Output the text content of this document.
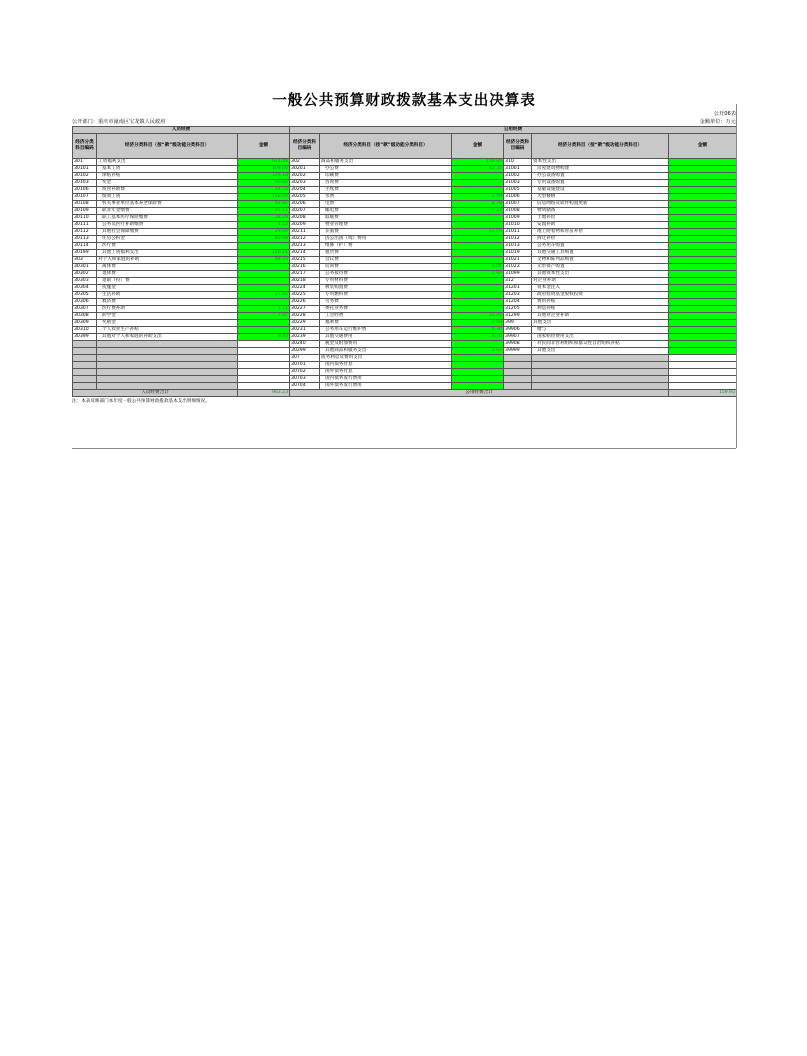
一般公共预算财政拨款基本支出决算表
公开06表
公开部门：重庆市潼南区宝龙镇人民政府	金额单位：万元
人员经费			公用经费					
经济分类科目编码	经济分类科目（按“款”级功能分类科目）	金额	经济分类科目编码	经济分类科目（按“款”级功能分类科目）	金额	经济分类科目编码	经济分类科目（按“款”级功能分类科目）	金额
301	工资福利支出	914.48	302	商品和服务支出	159.95	310	资本性支出	
30101	基本工资	109.00	30201	办公费	42.35	31001	房屋建筑物购建	
30102	津贴补贴	129.18	30202	印刷费		31002	办公设备购置	
30103	奖金	90.92	30203	咨询费		31003	专用设备购置	
30106	伙食补助费	54.72	30204	手续费		31005	基础设施建设	
30107	绩效工资	158.00	30205	水费	2.99	31006	大型修缮	
30108	机关事业单位基本养老保险费	92.81	30206	电费	8.78	31007	信息网络及软件购置更新	
30109	职业年金缴费	25.11	30207	邮电费	7.24	31008	物资储备	
30110	职工基本医疗保险缴费	38.29	30208	取暖费		31009	土地补偿	
30111	公务员医疗补助缴费	4.12	30209	物业管理费		31010	安置补助	
30112	其他社会保障缴费	29.09	30211	差旅费	62.00	31011	地上附着物和青苗补偿	
30113	住房公积金	40.98	30212	因公出国（境）费用		31012	拆迁补偿	
30114	医疗费		30213	维修（护）费		31013	公务用车购置	
30199	其他工资福利支出	166.21	30214	租赁费		31019	其他交通工具购置	
303	对个人和家庭的补助	48.75	30215	会议费		31021	文物和陈列品购置	
30301	离休费		30216	培训费	0.06	31022	无形资产购置	
30302	退休费		30217	公务接待费	2.96	31099	其他资本性支出	
30303	退职（役）费		30218	专用材料费		312	对企业补助	
30304	抚恤金		30224	被装购置费		31201	资本金注入	
30305	生活补助	27.81	30225	专用燃料费		31203	政府投资基金股权投资	
30306	救济费		30226	劳务费		31204	费用补贴	
30307	医疗费补助	7.71	30227	委托业务费		31205	利息补贴	
30308	助学金	2.97	30228	工会经费	15.45	31299	其他对企业补助	
30309	奖励金		30229	福利费	2.99	399	其他支出	
30310	个人农业生产补贴		30231	公务用车运行维护费	4.30	39906	赠与	
30399	其他对个人和家庭的补助支出	9.25	30239	其他交通费用	4.76	39907	国家赔偿费用支出	
			30240	税金及附加费用		39908	对民间非营利组织和群众性自治组织补贴	
			30299	其他商品和服务支出	1.08	39999	其他支出	
			307	债务利息及费用支出				
			30701	国内债务付息				
			30702	国外债务付息				
			30703	国内债务发行费用				
			30704	国外债务发行费用				
人员经费合计		963.23	公用经费合计					159.95
注：本表反映部门本年度一般公共预算财政拨款基本支出明细情况。
